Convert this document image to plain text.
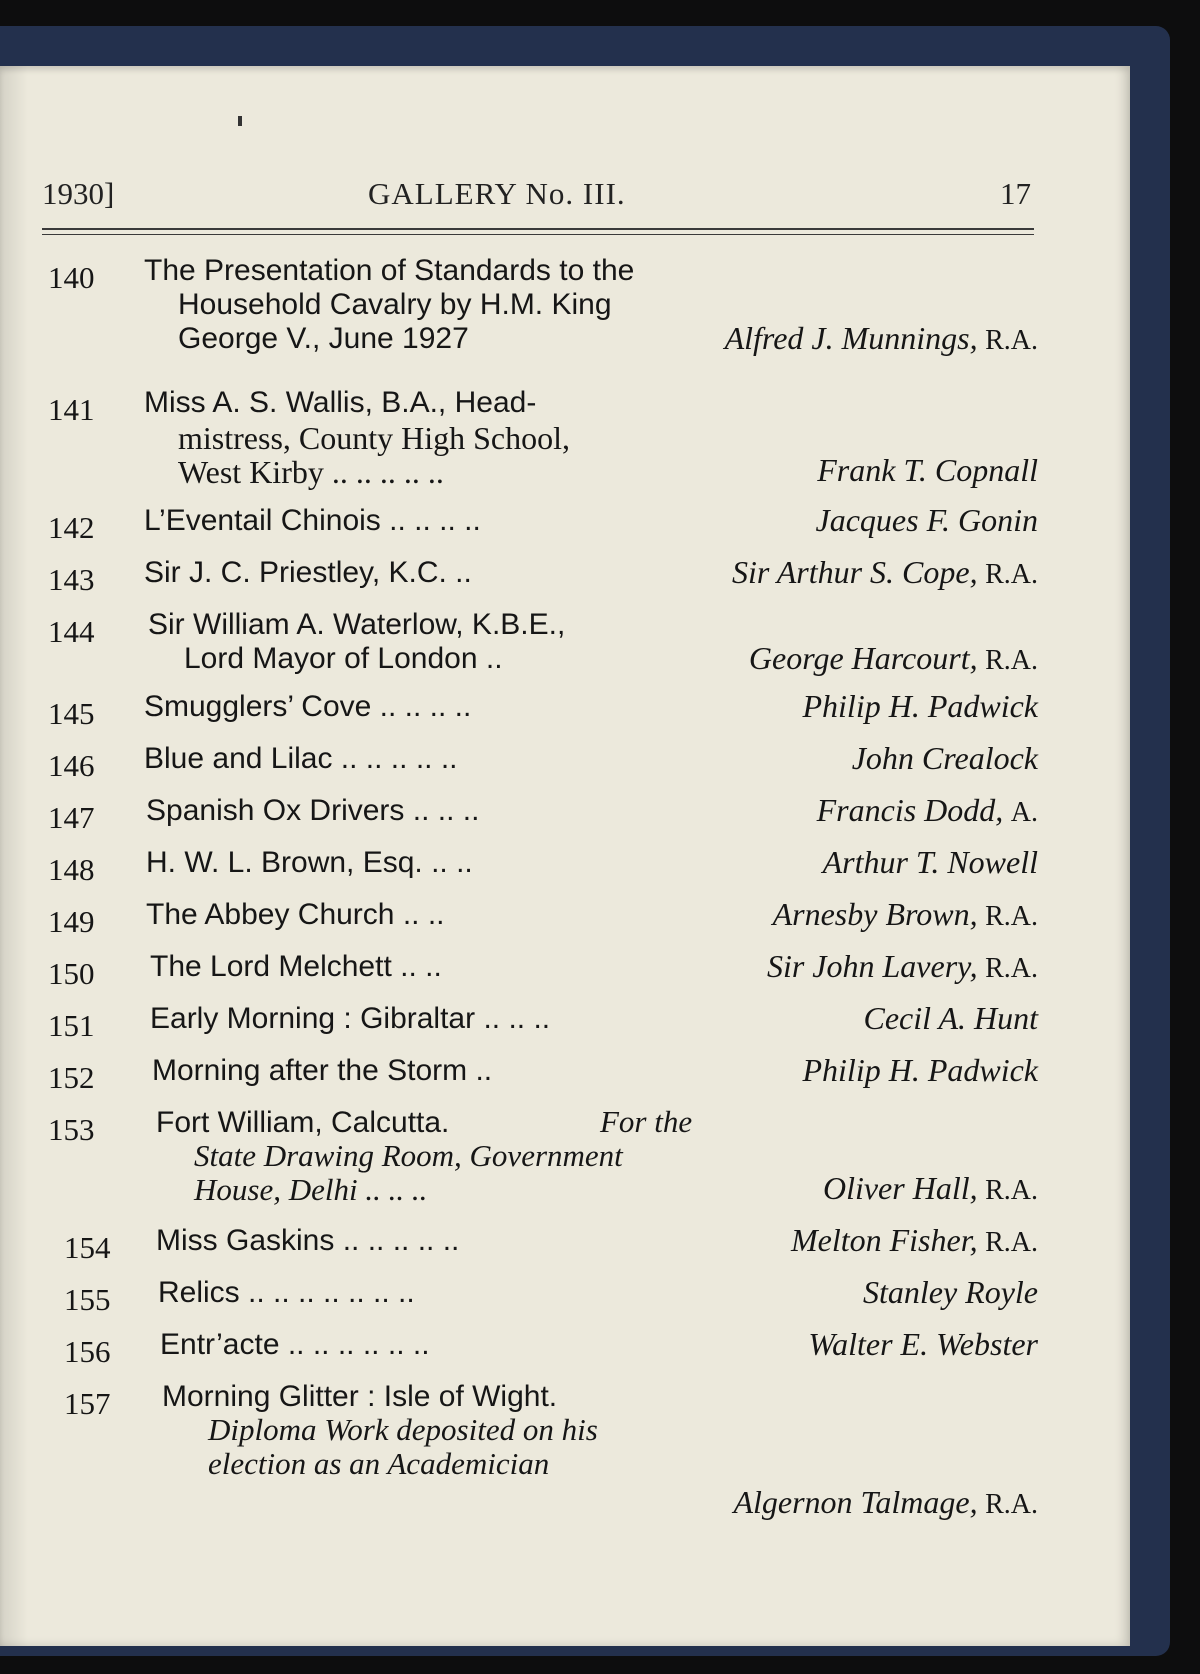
1930]	GALLERY No. III.	17
140 The Presentation of Standards to the
Household Cavalry by H.M. King
George V., June 1927	Alfred J. Munnings, R.A.
141 Miss A. S. Wallis, B.A., Head-
mistress, County High School,
West Kirby .. .. .. .. ..	Frank T. Copnall
142 L’Eventail Chinois .. .. .. ..	Jacques F. Gonin
143 Sir J. C. Priestley, K.C. ..	Sir Arthur S. Cope, R.A.
144 Sir William A. Waterlow, K.B.E.,
Lord Mayor of London ..	George Harcourt, R.A.
145 Smugglers’ Cove .. .. .. ..	Philip H. Padwick
146 Blue and Lilac .. .. .. .. ..	John Crealock
147 Spanish Ox Drivers .. .. ..	Francis Dodd, A.
148 H. W. L. Brown, Esq. .. ..	Arthur T. Nowell
149 The Abbey Church .. ..	Arnesby Brown, R.A.
150 The Lord Melchett .. ..	Sir John Lavery, R.A.
151 Early Morning : Gibraltar .. .. ..	Cecil A. Hunt
152 Morning after the Storm ..	Philip H. Padwick
153 Fort William, Calcutta.	For the
State Drawing Room, Government
House, Delhi .. .. ..	Oliver Hall, R.A.
154 Miss Gaskins .. .. .. .. ..	Melton Fisher, R.A.
155 Relics .. .. .. .. .. .. ..	Stanley Royle
156 Entr’acte .. .. .. .. .. ..	Walter E. Webster
157 Morning Glitter : Isle of Wight.
Diploma Work deposited on his
election as an Academician
Algernon Talmage, R.A.
